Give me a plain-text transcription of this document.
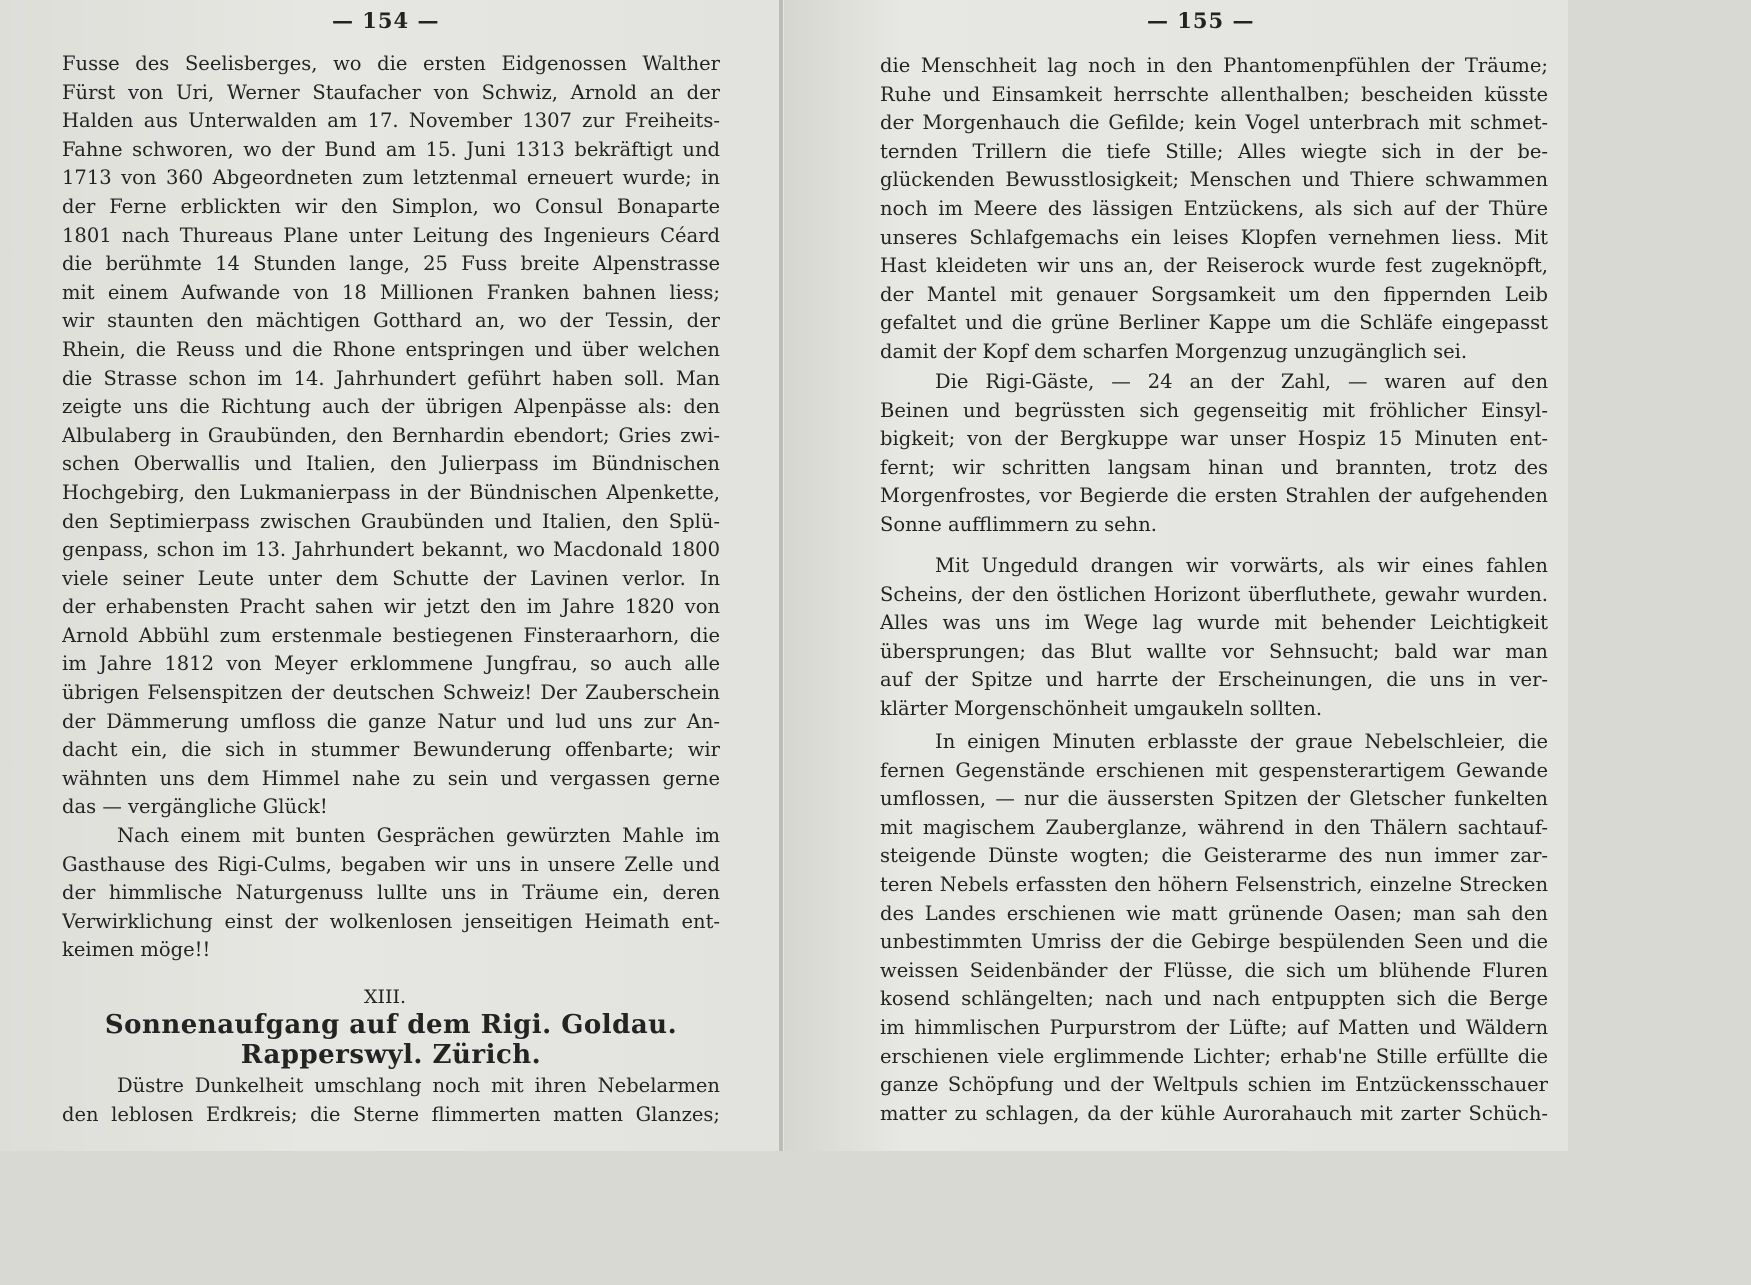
— 154 —
Fusse des Seelisberges, wo die ersten Eidgenossen Walther
Fürst von Uri, Werner Staufacher von Schwiz, Arnold an der
Halden aus Unterwalden am 17. November 1307 zur Freiheits-
Fahne schworen, wo der Bund am 15. Juni 1313 bekräftigt und
1713 von 360 Abgeordneten zum letztenmal erneuert wurde; in
der Ferne erblickten wir den Simplon, wo Consul Bonaparte
1801 nach Thureaus Plane unter Leitung des Ingenieurs Céard
die berühmte 14 Stunden lange, 25 Fuss breite Alpenstrasse
mit einem Aufwande von 18 Millionen Franken bahnen liess;
wir staunten den mächtigen Gotthard an, wo der Tessin, der
Rhein, die Reuss und die Rhone entspringen und über welchen
die Strasse schon im 14. Jahrhundert geführt haben soll. Man
zeigte uns die Richtung auch der übrigen Alpenpässe als: den
Albulaberg in Graubünden, den Bernhardin ebendort; Gries zwi-
schen Oberwallis und Italien, den Julierpass im Bündnischen
Hochgebirg, den Lukmanierpass in der Bündnischen Alpenkette,
den Septimierpass zwischen Graubünden und Italien, den Splü-
genpass, schon im 13. Jahrhundert bekannt, wo Macdonald 1800
viele seiner Leute unter dem Schutte der Lavinen verlor. In
der erhabensten Pracht sahen wir jetzt den im Jahre 1820 von
Arnold Abbühl zum erstenmale bestiegenen Finsteraarhorn, die
im Jahre 1812 von Meyer erklommene Jungfrau, so auch alle
übrigen Felsenspitzen der deutschen Schweiz! Der Zauberschein
der Dämmerung umfloss die ganze Natur und lud uns zur An-
dacht ein, die sich in stummer Bewunderung offenbarte; wir
wähnten uns dem Himmel nahe zu sein und vergassen gerne
das — vergängliche Glück!
Nach einem mit bunten Gesprächen gewürzten Mahle im
Gasthause des Rigi-Culms, begaben wir uns in unsere Zelle und
der himmlische Naturgenuss lullte uns in Träume ein, deren
Verwirklichung einst der wolkenlosen jenseitigen Heimath ent-
keimen möge!!
XIII.
Sonnenaufgang auf dem Rigi. Goldau.
Rapperswyl. Zürich.
Düstre Dunkelheit umschlang noch mit ihren Nebelarmen
den leblosen Erdkreis; die Sterne flimmerten matten Glanzes;
— 155 —
die Menschheit lag noch in den Phantomenpfühlen der Träume;
Ruhe und Einsamkeit herrschte allenthalben; bescheiden küsste
der Morgenhauch die Gefilde; kein Vogel unterbrach mit schmet-
ternden Trillern die tiefe Stille; Alles wiegte sich in der be-
glückenden Bewusstlosigkeit; Menschen und Thiere schwammen
noch im Meere des lässigen Entzückens, als sich auf der Thüre
unseres Schlafgemachs ein leises Klopfen vernehmen liess. Mit
Hast kleideten wir uns an, der Reiserock wurde fest zugeknöpft,
der Mantel mit genauer Sorgsamkeit um den fippernden Leib
gefaltet und die grüne Berliner Kappe um die Schläfe eingepasst
damit der Kopf dem scharfen Morgenzug unzugänglich sei.
Die Rigi-Gäste, — 24 an der Zahl, — waren auf den
Beinen und begrüssten sich gegenseitig mit fröhlicher Einsyl-
bigkeit; von der Bergkuppe war unser Hospiz 15 Minuten ent-
fernt; wir schritten langsam hinan und brannten, trotz des
Morgenfrostes, vor Begierde die ersten Strahlen der aufgehenden
Sonne aufflimmern zu sehn.
Mit Ungeduld drangen wir vorwärts, als wir eines fahlen
Scheins, der den östlichen Horizont überfluthete, gewahr wurden.
Alles was uns im Wege lag wurde mit behender Leichtigkeit
übersprungen; das Blut wallte vor Sehnsucht; bald war man
auf der Spitze und harrte der Erscheinungen, die uns in ver-
klärter Morgenschönheit umgaukeln sollten.
In einigen Minuten erblasste der graue Nebelschleier, die
fernen Gegenstände erschienen mit gespensterartigem Gewande
umflossen, — nur die äussersten Spitzen der Gletscher funkelten
mit magischem Zauberglanze, während in den Thälern sachtauf-
steigende Dünste wogten; die Geisterarme des nun immer zar-
teren Nebels erfassten den höhern Felsenstrich, einzelne Strecken
des Landes erschienen wie matt grünende Oasen; man sah den
unbestimmten Umriss der die Gebirge bespülenden Seen und die
weissen Seidenbänder der Flüsse, die sich um blühende Fluren
kosend schlängelten; nach und nach entpuppten sich die Berge
im himmlischen Purpurstrom der Lüfte; auf Matten und Wäldern
erschienen viele erglimmende Lichter; erhab'ne Stille erfüllte die
ganze Schöpfung und der Weltpuls schien im Entzückensschauer
matter zu schlagen, da der kühle Aurorahauch mit zarter Schüch-
